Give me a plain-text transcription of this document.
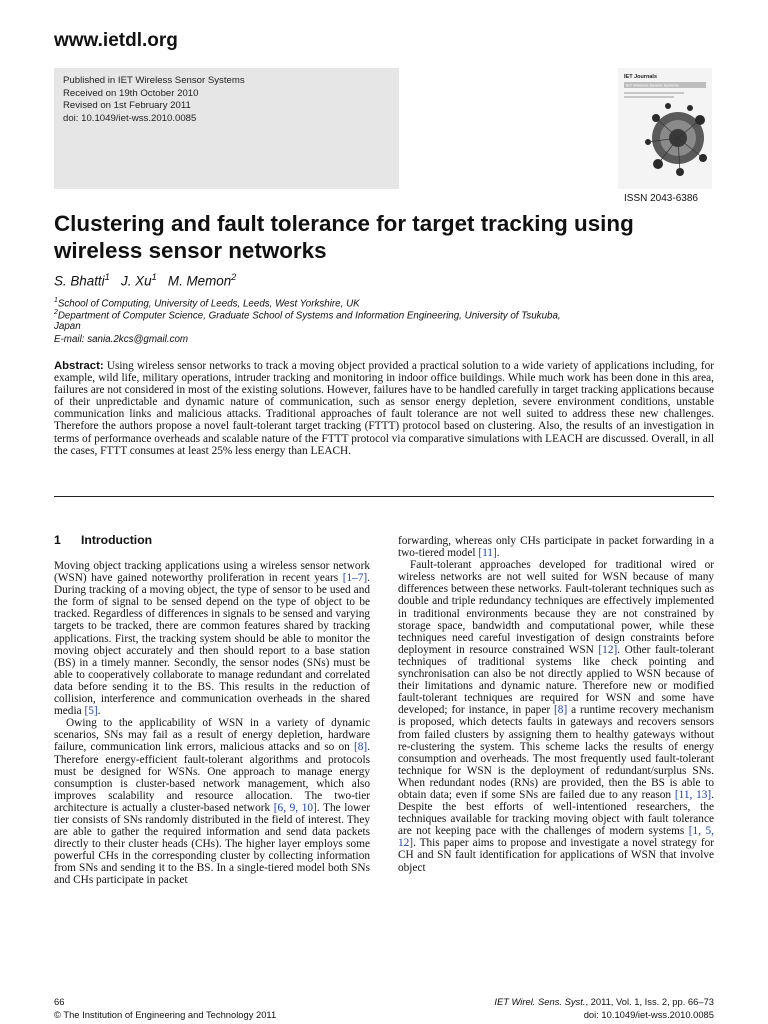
www.ietdl.org
Published in IET Wireless Sensor Systems
Received on 19th October 2010
Revised on 1st February 2011
doi: 10.1049/iet-wss.2010.0085
IET Journals
IET Wireless Sensor Systems
ISSN 2043-6386
Clustering and fault tolerance for target tracking using wireless sensor networks
S. Bhatti$^1$ J. Xu$^1$ M. Memon$^2$
$^1$School of Computing, University of Leeds, Leeds, West Yorkshire, UK
$^2$Department of Computer Science, Graduate School of Systems and Information Engineering, University of Tsukuba,
Japan
E-mail: sania.2kcs@gmail.com
Abstract: Using wireless sensor networks to track a moving object provided a practical solution to a wide variety of applications including, for example, wild life, military operations, intruder tracking and monitoring in indoor office buildings. While much work has been done in this area, failures are not considered in most of the existing solutions. However, failures have to be handled carefully in target tracking applications because of their unpredictable and dynamic nature of communication, such as sensor energy depletion, severe environment conditions, unstable communication links and malicious attacks. Traditional approaches of fault tolerance are not well suited to address these new challenges. Therefore the authors propose a novel fault-tolerant target tracking (FTTT) protocol based on clustering. Also, the results of an investigation in terms of performance overheads and scalable nature of the FTTT protocol via comparative simulations with LEACH are discussed. Overall, in all the cases, FTTT consumes at least 25% less energy than LEACH.
1 Introduction

Moving object tracking applications using a wireless sensor network (WSN) have gained noteworthy proliferation in recent years [1–7]. During tracking of a moving object, the type of sensor to be used and the form of signal to be sensed depend on the type of object to be tracked. Regardless of differences in signals to be sensed and varying targets to be tracked, there are common features shared by tracking applications. First, the tracking system should be able to monitor the moving object accurately and then should report to a base station (BS) in a timely manner. Secondly, the sensor nodes (SNs) must be able to cooperatively collaborate to manage redundant and correlated data before sending it to the BS. This results in the reduction of collision, interference and communication overheads in the shared media [5].

Owing to the applicability of WSN in a variety of dynamic scenarios, SNs may fail as a result of energy depletion, hardware failure, communication link errors, malicious attacks and so on [8]. Therefore energy-efficient fault-tolerant algorithms and protocols must be designed for WSNs. One approach to manage energy consumption is cluster-based network management, which also improves scalability and resource allocation. The two-tier architecture is actually a cluster-based network [6, 9, 10]. The lower tier consists of SNs randomly distributed in the field of interest. They are able to gather the required information and send data packets directly to their cluster heads (CHs). The higher layer employs some powerful CHs in the corresponding cluster by collecting information from SNs and sending it to the BS. In a single-tiered model both SNs and CHs participate in packet

forwarding, whereas only CHs participate in packet forwarding in a two-tiered model [11].

Fault-tolerant approaches developed for traditional wired or wireless networks are not well suited for WSN because of many differences between these networks. Fault-tolerant techniques such as double and triple redundancy techniques are effectively implemented in traditional environments because they are not constrained by storage space, bandwidth and computational power, while these techniques need careful investigation of design constraints before deployment in resource constrained WSN [12]. Other fault-tolerant techniques of traditional systems like check pointing and synchronisation can also be not directly applied to WSN because of their limitations and dynamic nature. Therefore new or modified fault-tolerant techniques are required for WSN and some have developed; for instance, in paper [8] a runtime recovery mechanism is proposed, which detects faults in gateways and recovers sensors from failed clusters by assigning them to healthy gateways without re-clustering the system. This scheme lacks the results of energy consumption and overheads. The most frequently used fault-tolerant technique for WSN is the deployment of redundant/surplus SNs. When redundant nodes (RNs) are provided, then the BS is able to obtain data; even if some SNs are failed due to any reason [11, 13]. Despite the best efforts of well-intentioned researchers, the techniques available for tracking moving object with fault tolerance are not keeping pace with the challenges of modern systems [1, 5, 12]. This paper aims to propose and investigate a novel strategy for CH and SN fault identification for applications of WSN that involve object

66
© The Institution of Engineering and Technology 2011
IET Wirel. Sens. Syst., 2011, Vol. 1, Iss. 2, pp. 66–73
doi: 10.1049/iet-wss.2010.0085
